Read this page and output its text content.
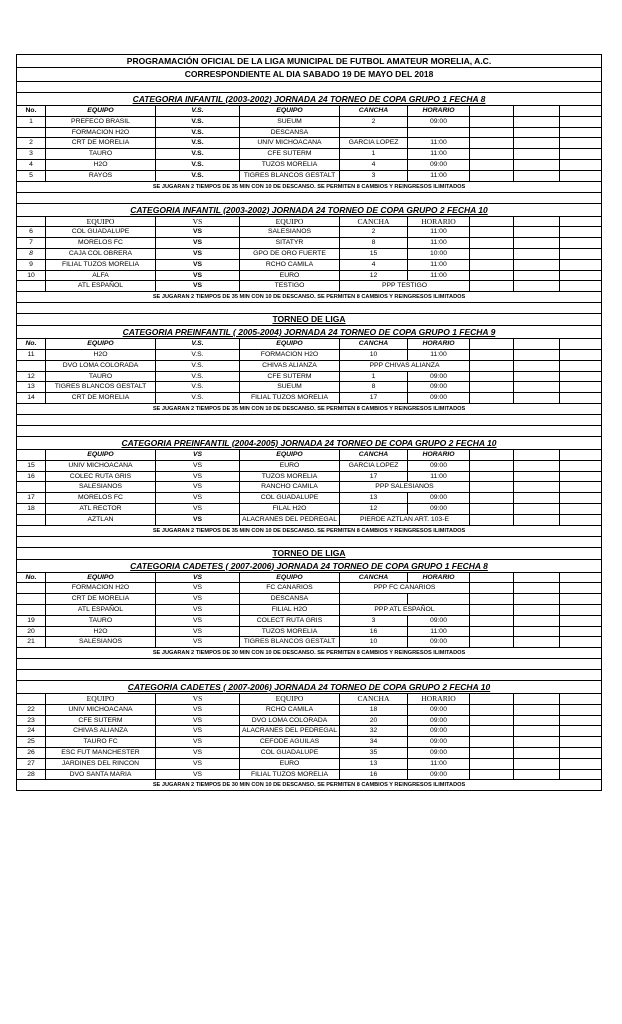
PROGRAMACIÓN OFICIAL DE LA LIGA MUNICIPAL DE FUTBOL AMATEUR MORELIA, A.C.
CORRESPONDIENTE AL DIA SABADO 19 DE MAYO DEL 2018
CATEGORIA INFANTIL (2003-2002) JORNADA 24 TORNEO DE COPA GRUPO 1 FECHA 8
No.	EQUIPO	V.S.	EQUIPO	CANCHA	HORARIO
1	PREFECO BRASIL	V.S.	SUEUM	2	09:00
FORMACION H2O	V.S.	DESCANSA
2	CRT DE MORELIA	V.S.	UNIV MICHOACANA	GARCIA LOPEZ	11:00
3	TAURO	V.S.	CFE SUTERM	1	11:00
4	H2O	V.S.	TUZOS MORELIA	4	09:00
5	RAYOS	V.S.	TIGRES BLANCOS GESTALT	3	11:00
SE JUGARAN 2 TIEMPOS DE 35 MIN CON 10 DE DESCANSO. SE PERMITEN 8 CAMBIOS Y REINGRESOS ILIMITADOS
CATEGORIA INFANTIL (2003-2002) JORNADA 24 TORNEO DE COPA GRUPO 2 FECHA 10
EQUIPO	VS	EQUIPO	CANCHA	HORARIO
6	COL GUADALUPE	VS	SALESIANOS	2	11:00
7	MORELOS FC	VS	SITATYR	8	11:00
8	CAJA COL OBRERA	VS	GPO DE ORO FUERTE	15	10:00
9	FILIAL TUZOS MORELIA	VS	RCHO CAMILA	4	11:00
10	ALFA	VS	EURO	12	11:00
ATL ESPAÑOL	VS	TESTIGO	PPP TESTIGO
SE JUGARAN 2 TIEMPOS DE 35 MIN CON 10 DE DESCANSO. SE PERMITEN 8 CAMBIOS Y REINGRESOS ILIMITADOS
TORNEO DE LIGA
CATEGORIA PREINFANTIL ( 2005-2004) JORNADA 24 TORNEO DE COPA GRUPO 1 FECHA 9
No.	EQUIPO	V.S.	EQUIPO	CANCHA	HORARIO
11	H2O	V.S.	FORMACION H2O	10	11:00
DVO LOMA COLORADA	V.S.	CHIVAS ALIANZA	PPP CHIVAS ALIANZA
12	TAURO	V.S.	CFE SUTERM	1	09:00
13	TIGRES BLANCOS GESTALT	V.S.	SUEUM	8	09:00
14	CRT DE MORELIA	V.S.	FILIAL TUZOS MORELIA	17	09:00
SE JUGARAN 2 TIEMPOS DE 35 MIN CON 10 DE DESCANSO. SE PERMITEN 8 CAMBIOS Y REINGRESOS ILIMITADOS
CATEGORIA PREINFANTIL (2004-2005) JORNADA 24 TORNEO DE COPA GRUPO 2 FECHA 10
EQUIPO	VS	EQUIPO	CANCHA	HORARIO
15	UNIV MICHOACANA	VS	EURO	GARCIA LOPEZ	09:00
16	COLEC RUTA GRIS	VS	TUZOS MORELIA	17	11:00
SALESIANOS	VS	RANCHO CAMILA	PPP SALESIANOS
17	MORELOS FC	VS	COL GUADALUPE	13	09:00
18	ATL RECTOR	VS	FILAL H2O	12	09:00
AZTLAN	VS	ALACRANES DEL PEDREGAL	PIERDE AZTLAN ART. 103-E
SE JUGARAN 2 TIEMPOS DE 35 MIN CON 10 DE DESCANSO. SE PERMITEN 8 CAMBIOS Y REINGRESOS ILIMITADOS
TORNEO DE LIGA
CATEGORIA CADETES ( 2007-2006) JORNADA 24 TORNEO DE COPA GRUPO 1 FECHA 8
No.	EQUIPO	VS	EQUIPO	CANCHA	HORARIO
FORMACION H2O	VS	FC CANARIOS	PPP FC CANARIOS
CRT DE MORELIA	VS	DESCANSA
ATL ESPAÑOL	VS	FILIAL H2O	PPP ATL ESPAÑOL
19	TAURO	VS	COLECT RUTA GRIS	3	09:00
20	H2O	VS	TUZOS MORELIA	16	11:00
21	SALESIANOS	VS	TIGRES BLANCOS GESTALT	10	09:00
SE JUGARAN 2 TIEMPOS DE 30 MIN CON 10 DE DESCANSO. SE PERMITEN 8 CAMBIOS Y REINGRESOS ILIMITADOS
CATEGORIA CADETES ( 2007-2006) JORNADA 24 TORNEO DE COPA GRUPO 2 FECHA 10
EQUIPO	VS	EQUIPO	CANCHA	HORARIO
22	UNIV MICHOACANA	VS	RCHO CAMILA	18	09:00
23	CFE SUTERM	VS	DVO LOMA COLORADA	20	09:00
24	CHIVAS ALIANZA	VS	ALACRANES DEL PEDREGAL	32	09:00
25	TAURO FC	VS	CEFODE AGUILAS	34	09:00
26	ESC FUT MANCHESTER	VS	COL GUADALUPE	35	09:00
27	JARDINES DEL RINCON	VS	EURO	13	11:00
28	DVO SANTA MARIA	VS	FILIAL TUZOS MORELIA	16	09:00
SE JUGARAN 2 TIEMPOS DE 30 MIN CON 10 DE DESCANSO. SE PERMITEN 8 CAMBIOS Y REINGRESOS ILIMITADOS
